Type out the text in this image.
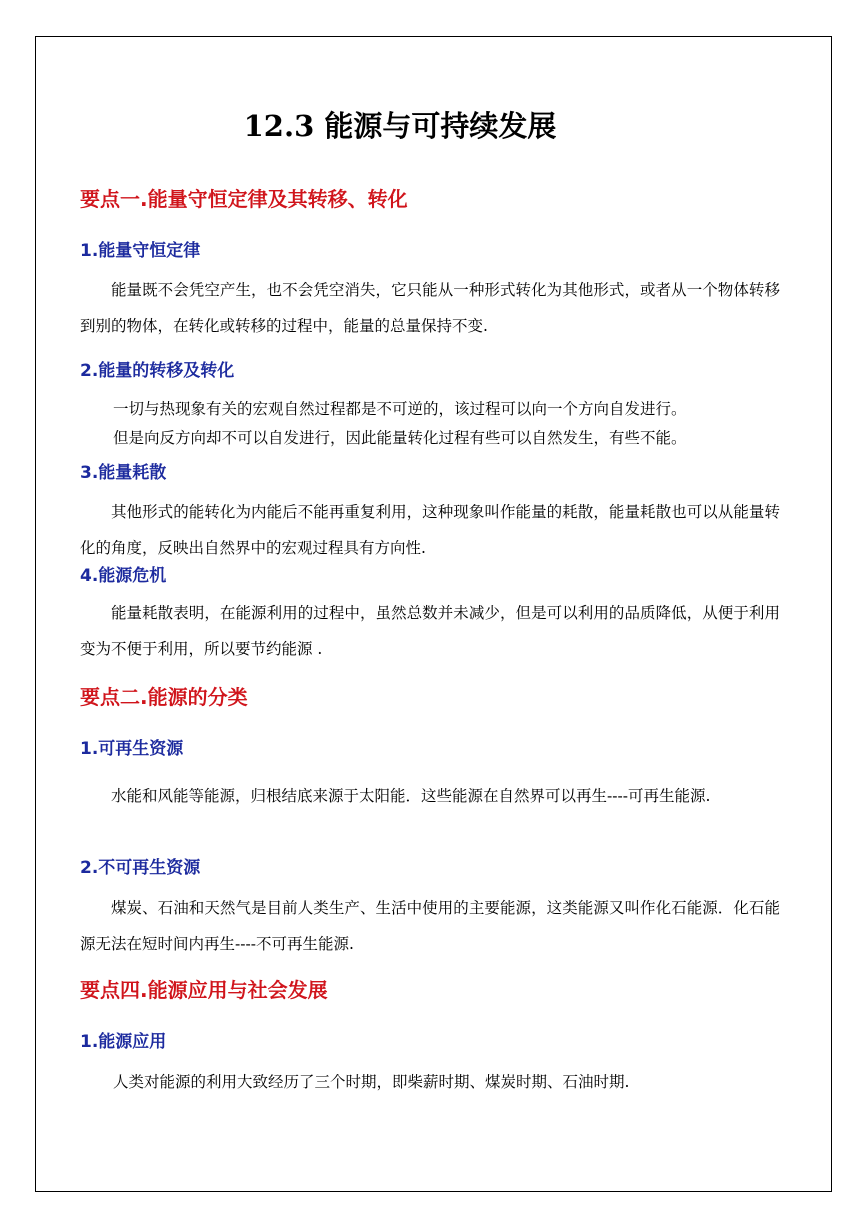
12.3 能源与可持续发展
要点一.能量守恒定律及其转移、转化
1.能量守恒定律

能量既不会凭空产生，也不会凭空消失，它只能从一种形式转化为其他形式，或者从一个物体转移到别的物体，在转化或转移的过程中，能量的总量保持不变.

2.能量的转移及转化

一切与热现象有关的宏观自然过程都是不可逆的，该过程可以向一个方向自发进行。

但是向反方向却不可以自发进行，因此能量转化过程有些可以自然发生，有些不能。

3.能量耗散

其他形式的能转化为内能后不能再重复利用，这种现象叫作能量的耗散，能量耗散也可以从能量转化的角度，反映出自然界中的宏观过程具有方向性.

4.能源危机

能量耗散表明，在能源利用的过程中，虽然总数并未减少，但是可以利用的品质降低，从便于利用变为不便于利用，所以要节约能源 .

要点二.能源的分类
1.可再生资源

水能和风能等能源，归根结底来源于太阳能．这些能源在自然界可以再生----可再生能源.

2.不可再生资源

煤炭、石油和天然气是目前人类生产、生活中使用的主要能源，这类能源又叫作化石能源．化石能源无法在短时间内再生----不可再生能源.

要点四.能源应用与社会发展
1.能源应用

人类对能源的利用大致经历了三个时期，即柴薪时期、煤炭时期、石油时期.
